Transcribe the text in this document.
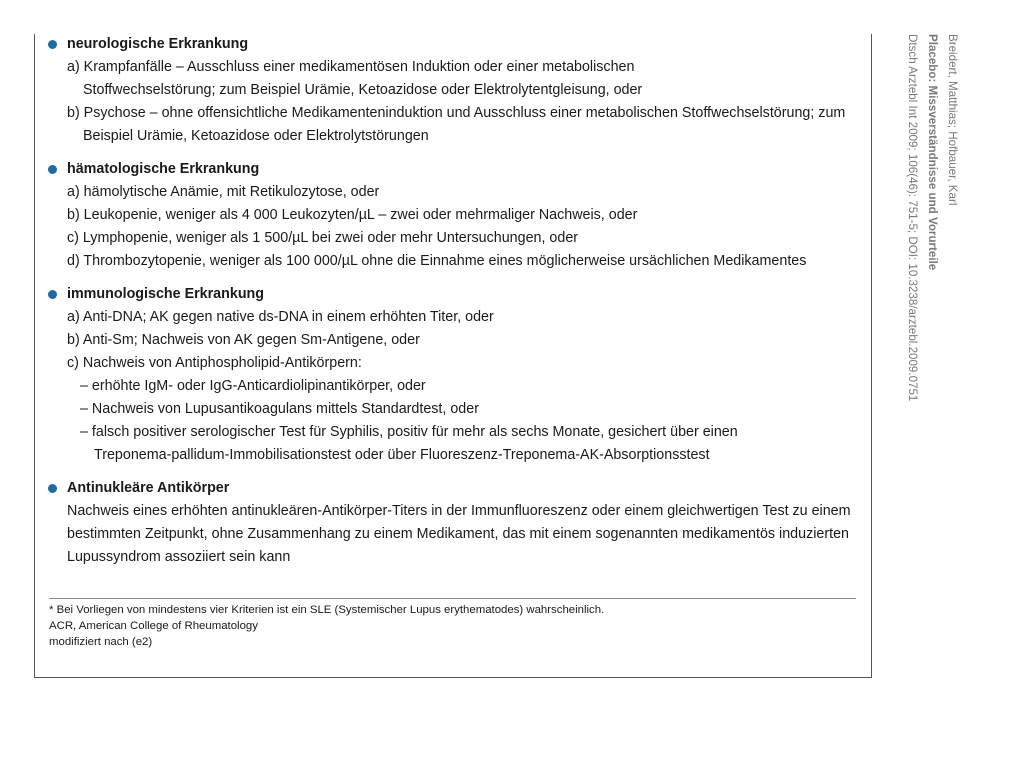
neurologische Erkrankung
a) Krampfanfälle – Ausschluss einer medikamentösen Induktion oder einer metabolischen
Stoffwechselstörung; zum Beispiel Urämie, Ketoazidose oder Elektrolytentgleisung, oder
b) Psychose – ohne offensichtliche Medikamenteninduktion und Ausschluss einer metabolischen Stoffwechselstörung; zum
Beispiel Urämie, Ketoazidose oder Elektrolytstörungen
hämatologische Erkrankung
a) hämolytische Anämie, mit Retikulozytose, oder
b) Leukopenie, weniger als 4 000 Leukozyten/µL – zwei oder mehrmaliger Nachweis, oder
c) Lymphopenie, weniger als 1 500/µL bei zwei oder mehr Untersuchungen, oder
d) Thrombozytopenie, weniger als 100 000/µL ohne die Einnahme eines möglicherweise ursächlichen Medikamentes
immunologische Erkrankung
a) Anti-DNA; AK gegen native ds-DNA in einem erhöhten Titer, oder
b) Anti-Sm; Nachweis von AK gegen Sm-Antigene, oder
c) Nachweis von Antiphospholipid-Antikörpern:
– erhöhte IgM- oder IgG-Anticardiolipinantikörper, oder
– Nachweis von Lupusantikoagulans mittels Standardtest, oder
– falsch positiver serologischer Test für Syphilis, positiv für mehr als sechs Monate, gesichert über einen
Treponema-pallidum-Immobilisationstest oder über Fluoreszenz-Treponema-AK-Absorptionsstest
Antinukleäre Antikörper
Nachweis eines erhöhten antinukleären-Antikörper-Titers in der Immunfluoreszenz oder einem gleichwertigen Test zu einem
bestimmten Zeitpunkt, ohne Zusammenhang zu einem Medikament, das mit einem sogenannten medikamentös induzierten
Lupussyndrom assoziiert sein kann
* Bei Vorliegen von mindestens vier Kriterien ist ein SLE (Systemischer Lupus erythematodes) wahrscheinlich.
ACR, American College of Rheumatology
modifiziert nach (e2)
Breidert, Matthias; Hofbauer, Karl
Placebo: Missverständnisse und Vorurteile
Dtsch Arztebl Int 2009; 106(46): 751-5; DOI: 10.3238/arztebl.2009.0751
